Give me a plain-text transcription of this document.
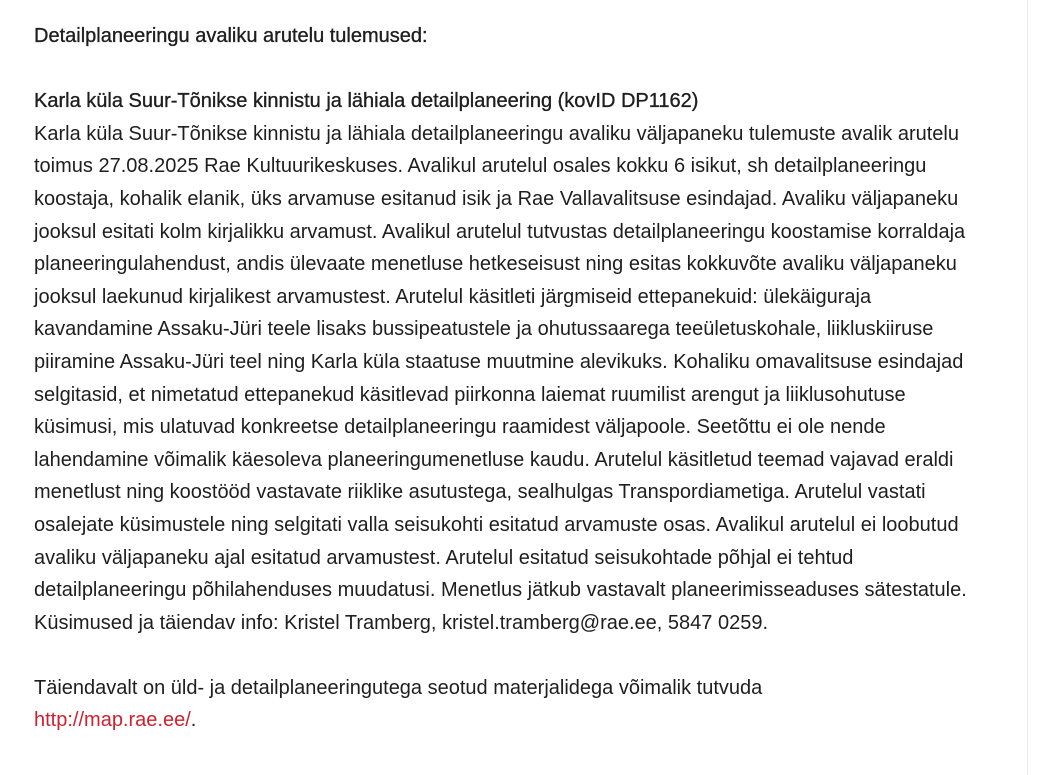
Detailplaneeringu avaliku arutelu tulemused:

Karla küla Suur-Tõnikse kinnistu ja lähiala detailplaneering (kovID DP1162)

Karla küla Suur-Tõnikse kinnistu ja lähiala detailplaneeringu avaliku väljapaneku tulemuste avalik arutelu toimus 27.08.2025 Rae Kultuurikeskuses. Avalikul arutelul osales kokku 6 isikut, sh detailplaneeringu koostaja, kohalik elanik, üks arvamuse esitanud isik ja Rae Vallavalitsuse esindajad. Avaliku väljapaneku jooksul esitati kolm kirjalikku arvamust. Avalikul arutelul tutvustas detailplaneeringu koostamise korraldaja planeeringulahendust, andis ülevaate menetluse hetkeseisust ning esitas kokkuvõte avaliku väljapaneku jooksul laekunud kirjalikest arvamustest. Arutelul käsitleti järgmiseid ettepanekuid: ülekäiguraja kavandamine Assaku-Jüri teele lisaks bussipeatustele ja ohutussaarega teeületuskohale, liikluskiiruse piiramine Assaku-Jüri teel ning Karla küla staatuse muutmine alevikuks. Kohaliku omavalitsuse esindajad selgitasid, et nimetatud ettepanekud käsitlevad piirkonna laiemat ruumilist arengut ja liiklusohutuse küsimusi, mis ulatuvad konkreetse detailplaneeringu raamidest väljapoole. Seetõttu ei ole nende lahendamine võimalik käesoleva planeeringumenetluse kaudu. Arutelul käsitletud teemad vajavad eraldi menetlust ning koostööd vastavate riiklike asutustega, sealhulgas Transpordiametiga. Arutelul vastati osalejate küsimustele ning selgitati valla seisukohti esitatud arvamuste osas. Avalikul arutelul ei loobutud avaliku väljapaneku ajal esitatud arvamustest. Arutelul esitatud seisukohtade põhjal ei tehtud detailplaneeringu põhilahenduses muudatusi. Menetlus jätkub vastavalt planeerimisseaduses sätestatule. Küsimused ja täiendav info: Kristel Tramberg, kristel.tramberg@rae.ee, 5847 0259.

Täiendavalt on üld- ja detailplaneeringutega seotud materjalidega võimalik tutvuda
http://map.rae.ee/.
